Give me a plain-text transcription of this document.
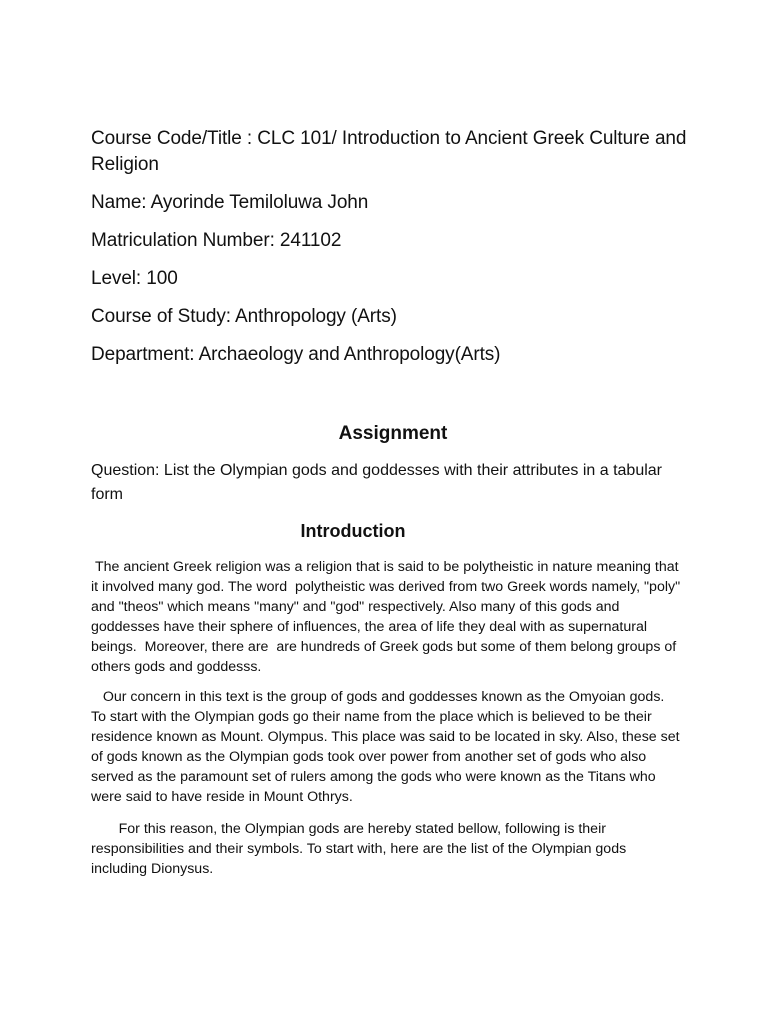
Course Code/Title : CLC 101/ Introduction to Ancient Greek Culture and Religion

Name: Ayorinde Temiloluwa John

Matriculation Number: 241102

Level: 100

Course of Study: Anthropology (Arts)

Department: Archaeology and Anthropology(Arts)

Assignment

Question: List the Olympian gods and goddesses with their attributes in a tabular form

Introduction

The ancient Greek religion was a religion that is said to be polytheistic in nature meaning that it involved many god. The word  polytheistic was derived from two Greek words namely, "poly" and "theos" which means "many" and "god" respectively. Also many of this gods and goddesses have their sphere of influences, the area of life they deal with as supernatural beings.  Moreover, there are  are hundreds of Greek gods but some of them belong groups of others gods and goddesss.

Our concern in this text is the group of gods and goddesses known as the Omyoian gods. To start with the Olympian gods go their name from the place which is believed to be their residence known as Mount. Olympus. This place was said to be located in sky. Also, these set of gods known as the Olympian gods took over power from another set of gods who also served as the paramount set of rulers among the gods who were known as the Titans who were said to have reside in Mount Othrys.

For this reason, the Olympian gods are hereby stated bellow, following is their responsibilities and their symbols. To start with, here are the list of the Olympian gods including Dionysus.
